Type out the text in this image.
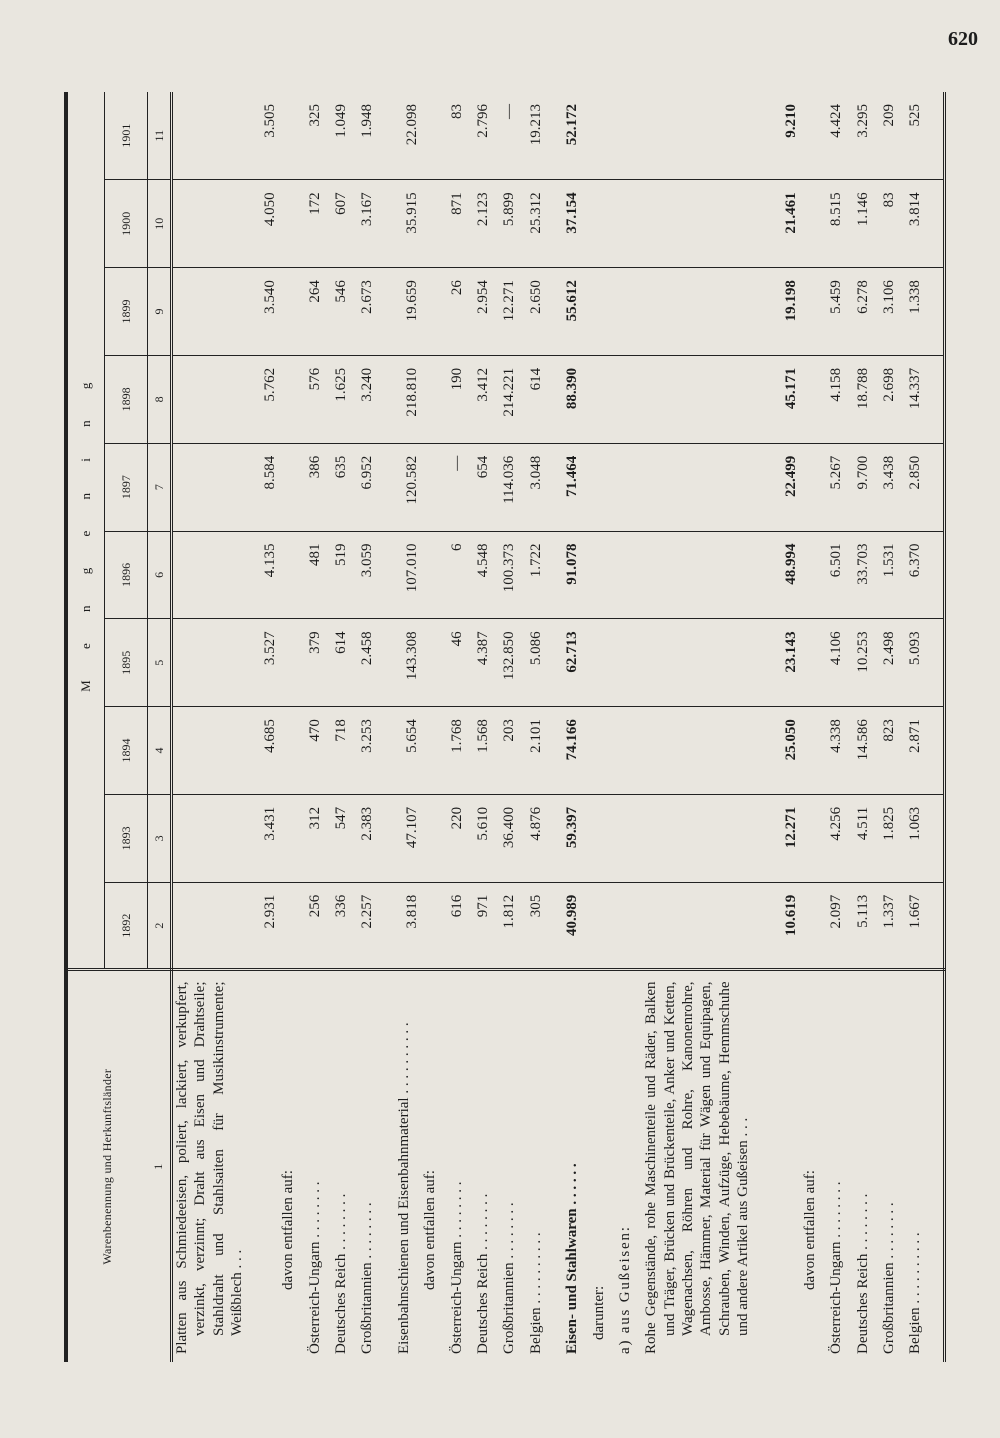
620
Warenbenennung und Herkunftsländer	M e n g e n i n g									
	1892	1893	1894	1895	1896	1897	1898	1899	1900	1901
1	2	3	4	5	6	7	8	9	10	11
Platten aus Schmiedeeisen, poliert, lackiert, verkupfert, verzinkt, verzinnt; Draht aus Eisen und Drahtseile; Stahldraht und Stahlsaiten für Musikinstrumente; Weißblech . . .	2.931	3.431	4.685	3.527	4.135	8.584	5.762	3.540	4.050	3.505
davon entfallen auf:										
Österreich-Ungarn . . . . . . . .	256	312	470	379	481	386	576	264	172	325
Deutsches Reich . . . . . . . .	336	547	718	614	519	635	1.625	546	607	1.049
Großbritannien . . . . . . . .	2.257	2.383	3.253	2.458	3.059	6.952	3.240	2.673	3.167	1.948

Eisenbahnschienen und Eisenbahnmaterial . . . . . . . . . .	3.818	47.107	5.654	143.308	107.010	120.582	218.810	19.659	35.915	22.098
davon entfallen auf:										
Österreich-Ungarn . . . . . . . .	616	220	1.768	46	6	—	190	26	871	83
Deutsches Reich . . . . . . . .	971	5.610	1.568	4.387	4.548	654	3.412	2.954	2.123	2.796
Großbritannien . . . . . . . .	1.812	36.400	203	132.850	100.373	114.036	214.221	12.271	5.899	—
Belgien . . . . . . . . . .	305	4.876	2.101	5.086	1.722	3.048	614	2.650	25.312	19.213

Eisen- und Stahlwaren . . . . . .	40.989	59.397	74.166	62.713	91.078	71.464	88.390	55.612	37.154	52.172
darunter:										
a) aus Gußeisen:										
Rohe Gegenstände, rohe Maschinenteile und Räder, Balken und Träger, Brücken und Brückenteile, Anker und Ketten, Wagenachsen, Röhren und Rohre, Kanonenrohre, Ambosse, Hämmer, Material für Wägen und Equipagen, Schrauben, Winden, Aufzüge, Hebebäume, Hemmschuhe und andere Artikel aus Gußeisen . . .	10.619	12.271	25.050	23.143	48.994	22.499	45.171	19.198	21.461	9.210
davon entfallen auf:										
Österreich-Ungarn . . . . . . . .	2.097	4.256	4.338	4.106	6.501	5.267	4.158	5.459	8.515	4.424
Deutsches Reich . . . . . . . .	5.113	4.511	14.586	10.253	33.703	9.700	18.788	6.278	1.146	3.295
Großbritannien . . . . . . . .	1.337	1.825	823	2.498	1.531	3.438	2.698	3.106	83	209
Belgien . . . . . . . . . .	1.667	1.063	2.871	5.093	6.370	2.850	14.337	1.338	3.814	525
